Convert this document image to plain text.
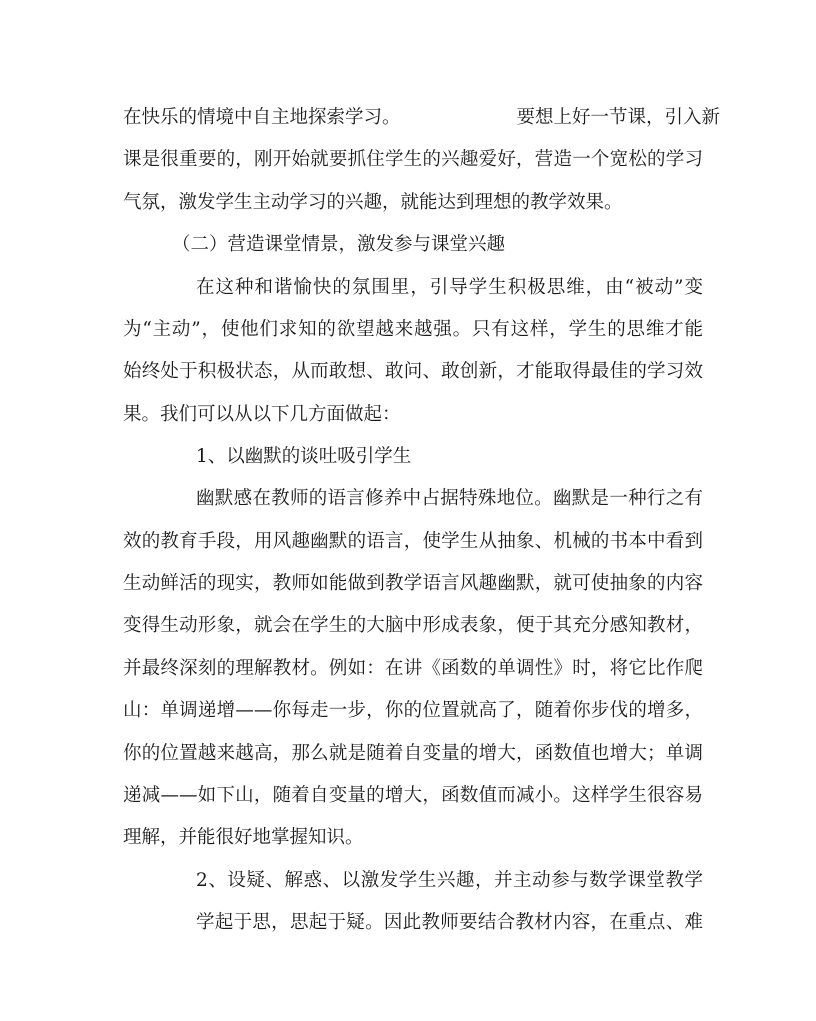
在快乐的情境中自主地探索学习。	要想上好一节课，引入新
课是很重要的，刚开始就要抓住学生的兴趣爱好，营造一个宽松的学习
气氛，激发学生主动学习的兴趣，就能达到理想的教学效果。
（二）营造课堂情景，激发参与课堂兴趣
在这种和谐愉快的氛围里，引导学生积极思维，由“被动”变
为“主动”，使他们求知的欲望越来越强。只有这样，学生的思维才能
始终处于积极状态，从而敢想、敢问、敢创新，才能取得最佳的学习效
果。我们可以从以下几方面做起：
1、以幽默的谈吐吸引学生
幽默感在教师的语言修养中占据特殊地位。幽默是一种行之有
效的教育手段，用风趣幽默的语言，使学生从抽象、机械的书本中看到
生动鲜活的现实，教师如能做到教学语言风趣幽默，就可使抽象的内容
变得生动形象，就会在学生的大脑中形成表象，便于其充分感知教材，
并最终深刻的理解教材。例如：在讲《函数的单调性》时，将它比作爬
山：单调递增——你每走一步，你的位置就高了，随着你步伐的增多，
你的位置越来越高，那么就是随着自变量的增大，函数值也增大；单调
递减——如下山，随着自变量的增大，函数值而减小。这样学生很容易
理解，并能很好地掌握知识。
2、设疑、解惑、以激发学生兴趣，并主动参与数学课堂教学
学起于思，思起于疑。因此教师要结合教材内容，在重点、难
